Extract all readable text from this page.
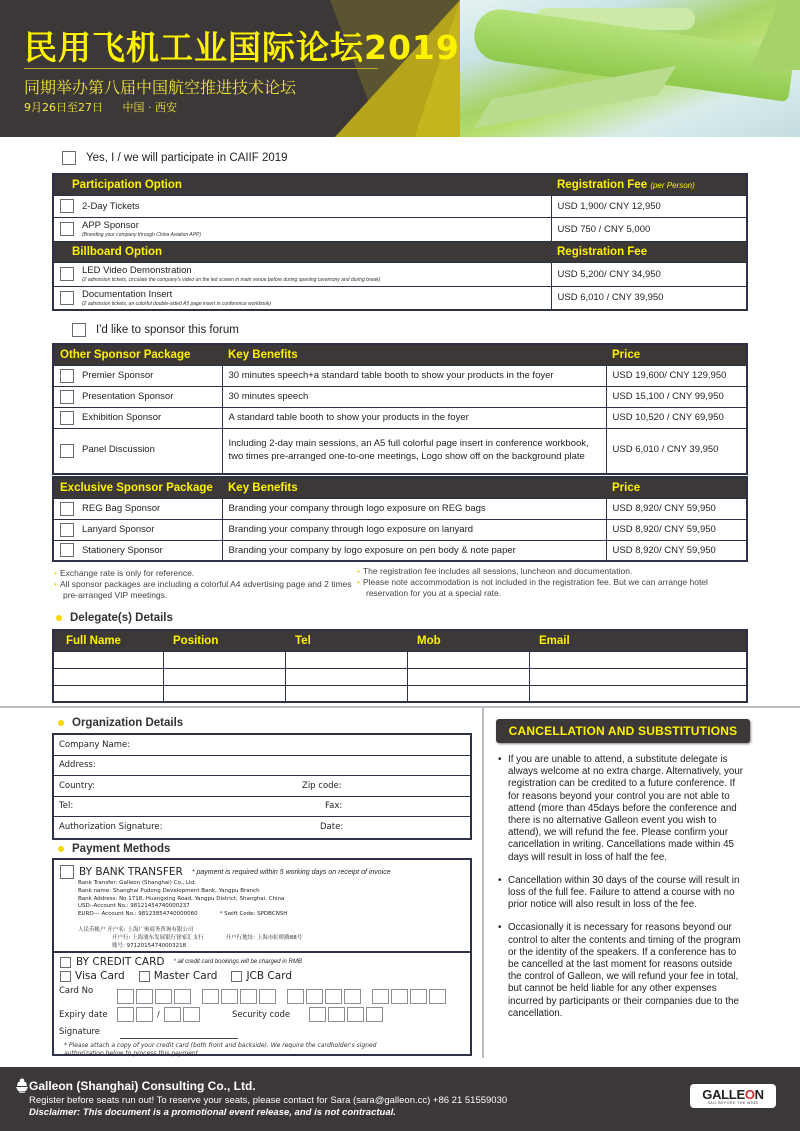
民用飞机工业国际论坛2019
同期举办第八届中国航空推进技术论坛
9月26日至27日 中国 · 西安
Yes, I / we will participate in CAIIF 2019
Participation Option	Registration Fee (per Person)

2-Day Tickets	USD 1,900/ CNY 12,950

APP Sponsor
(Branding your company through China Aviation APP)	USD 750 / CNY 5,000
Billboard Option	Registration Fee

LED Video Demonstration
(2 admission tickets, circulate the company's video on the led screen in main venue before during opening ceremony and during break)	USD 5,200/ CNY 34,950

Documentation Insert
(2 admission tickets, an colorful double-sided A5 page insert in conference workbook)	USD 6,010 / CNY 39,950
I'd like to sponsor this forum
Other Sponsor Package	Key Benefits	Price

Premier Sponsor	30 minutes speech+a standard table booth to show your products in the foyer	USD 19,600/ CNY 129,950

Presentation Sponsor	30 minutes speech	USD 15,100 / CNY 99,950

Exhibition Sponsor	A standard table booth to show your products in the foyer	USD 10,520 / CNY 69,950

Panel Discussion	Including 2-day main sessions, an A5 full colorful page insert in conference workbook, two times pre-arranged one-to-one meetings, Logo show off on the background plate	USD 6,010 / CNY 39,950
Exclusive Sponsor Package	Key Benefits	Price

REG Bag Sponsor	Branding your company through logo exposure on REG bags	USD 8,920/ CNY 59,950

Lanyard Sponsor	Branding your company through logo exposure on lanyard	USD 8,920/ CNY 59,950

Stationery Sponsor	Branding your company by logo exposure on pen body & note paper	USD 8,920/ CNY 59,950
• Exchange rate is only for reference.
• All sponsor packages are including a colorful A4 advertising page and 2 times pre-arranged VIP meetings.
• The registration fee includes all sessions, luncheon and documentation.
• Please note accommodation is not included in the registration fee. But we can arrange hotel reservation for you at a special rate.
Delegate(s) Details
Full Name	Position	Tel	Mob	Email

Organization Details
Company Name:
Address:
Country:	Zip code:
Tel:	Fax:
Authorization Signature:	Date:
Payment Methods
BY BANK TRANSFER * payment is required within 5 working days on receipt of invoice
Bank Transfer: Galleon (Shanghai) Co., Ltd.
Bank name: Shanghai Pudong Development Bank, Yangpu Branch
Bank Address: No 1718, Huangxing Road, Yangpu District, Shanghai, China
USD--Account No.: 98121454740000237
EURO--- Account No.: 98123854740000060	* Swift Code: SPDBCNSH
人民币帐户 开户名: 上海广奥商务咨询有限公司
开户行: 上海浦东发展银行徐家汇支行	开户行地址: 上海市虹桥路88号
账号: 97120154740003218
BY CREDIT CARD * all credit card bookings will be charged in RMB
Visa Card	Master Card	JCB Card
Card No
Expiry date	/	Security code
Signature
* Please attach a copy of your credit card (both front and backside). We require the cardholder's signed authorization below to process this payment.
CANCELLATION AND SUBSTITUTIONS
• If you are unable to attend, a substitute delegate is always welcome at no extra charge. Alternatively, your registration can be credited to a future conference. If for reasons beyond your control you are not able to attend (more than 45days before the conference and there is no alternative Galleon event you wish to attend), we will refund the fee. Please confirm your cancellation in writing. Cancellations made within 45 days will result in loss of half the fee.
• Cancellation within 30 days of the course will result in loss of the full fee. Failure to attend a course with no prior notice will also result in loss of the fee.
• Occasionally it is necessary for reasons beyond our control to alter the contents and timing of the program or the identity of the speakers. If a conference has to be cancelled at the last moment for reasons outside the control of Galleon, we will refund your fee in total, but cannot be held liable for any other expenses incurred by participants or their companies due to the cancellation.
Galleon (Shanghai) Consulting Co., Ltd.
Register before seats run out! To reserve your seats, please contact for Sara (sara@galleon.cc) +86 21 51559030
Disclaimer: This document is a promotional event release, and is not contractual.
GALLEON
SAIL BEFORE THE WIND
